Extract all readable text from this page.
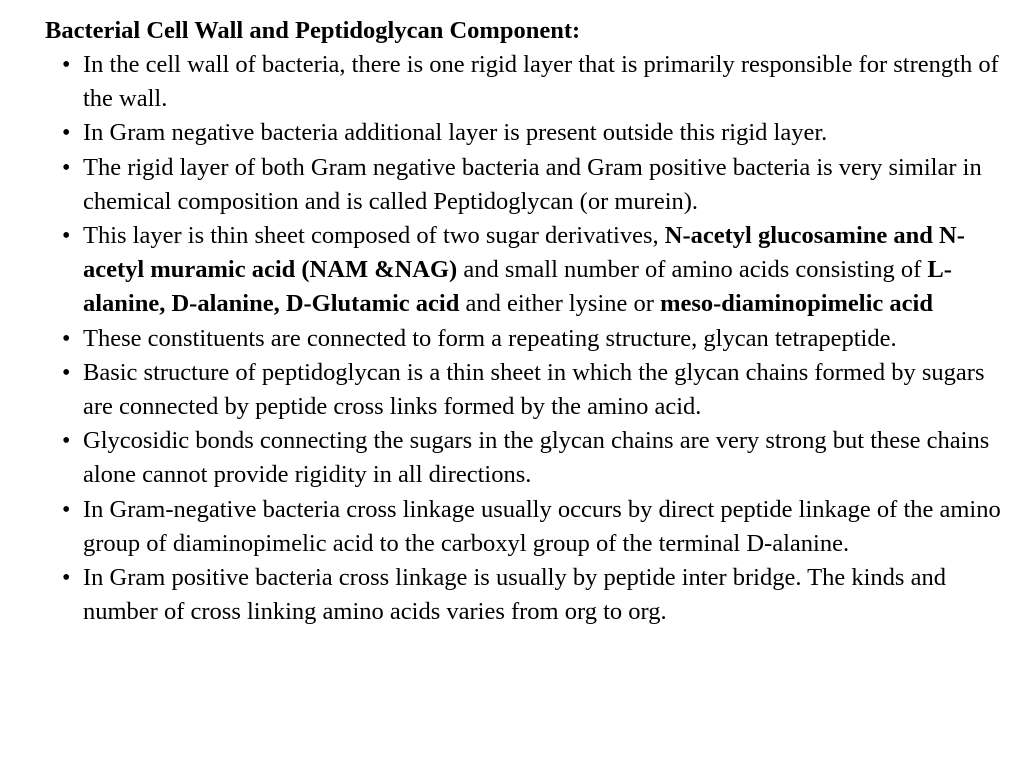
Bacterial Cell Wall and Peptidoglycan Component:
• In the cell wall of bacteria, there is one rigid layer that is primarily responsible for strength of the wall.
• In Gram negative bacteria additional layer is present outside this rigid layer.
• The rigid layer of both Gram negative bacteria and Gram positive bacteria is very similar in chemical composition and is called Peptidoglycan (or murein).
• This layer is thin sheet composed of two sugar derivatives, N-acetyl glucosamine and N-acetyl muramic acid (NAM &NAG) and small number of amino acids consisting of L-alanine, D-alanine, D-Glutamic acid and either lysine or meso-diaminopimelic acid
• These constituents are connected to form a repeating structure, glycan tetrapeptide.
• Basic structure of peptidoglycan is a thin sheet in which the glycan chains formed by sugars are connected by peptide cross links formed by the amino acid.
• Glycosidic bonds connecting the sugars in the glycan chains are very strong but these chains alone cannot provide rigidity in all directions.
• In Gram-negative bacteria cross linkage usually occurs by direct peptide linkage of the amino group of diaminopimelic acid to the carboxyl group of the terminal D-alanine.
• In Gram positive bacteria cross linkage is usually by peptide inter bridge. The kinds and number of cross linking amino acids varies from org to org.
